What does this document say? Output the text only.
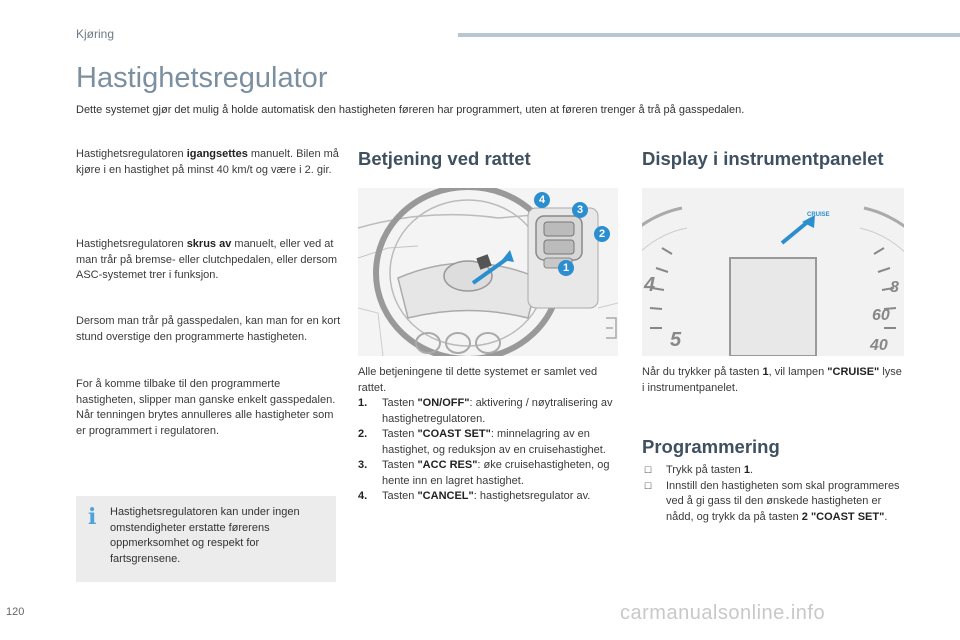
Kjøring
Hastighetsregulator
Dette systemet gjør det mulig å holde automatisk den hastigheten føreren har programmert, uten at føreren trenger å trå på gasspedalen.
Hastighetsregulatoren igangsettes manuelt. Bilen må kjøre i en hastighet på minst 40 km/t og være i 2. gir.
Hastighetsregulatoren skrus av manuelt, eller ved at man trår på bremse- eller clutchpedalen, eller dersom ASC-systemet trer i funksjon.
Dersom man trår på gasspedalen, kan man for en kort stund overstige den programmerte hastigheten.
For å komme tilbake til den programmerte hastigheten, slipper man ganske enkelt gasspedalen.
Når tenningen brytes annulleres alle hastigheter som er programmert i regulatoren.
i Hastighetsregulatoren kan under ingen omstendigheter erstatte førerens oppmerksomhet og respekt for fartsgrensene.
Betjening ved rattet
4
3
2
1
Alle betjeningene til dette systemet er samlet ved rattet.
1. Tasten "ON/OFF": aktivering / nøytralisering av hastighetregulatoren.
2. Tasten "COAST SET": minnelagring av en hastighet, og reduksjon av en cruisehastighet.
3. Tasten "ACC RES": øke cruisehastigheten, og hente inn en lagret hastighet.
4. Tasten "CANCEL": hastighetsregulator av.
Display i instrumentpanelet
CRUISE
4
5
8
60
40
Når du trykker på tasten 1, vil lampen "CRUISE" lyse i instrumentpanelet.
Programmering
☐ Trykk på tasten 1.
☐ Innstill den hastigheten som skal programmeres ved å gi gass til den ønskede hastigheten er nådd, og trykk da på tasten 2 "COAST SET".
120	carmanualsonline.info
